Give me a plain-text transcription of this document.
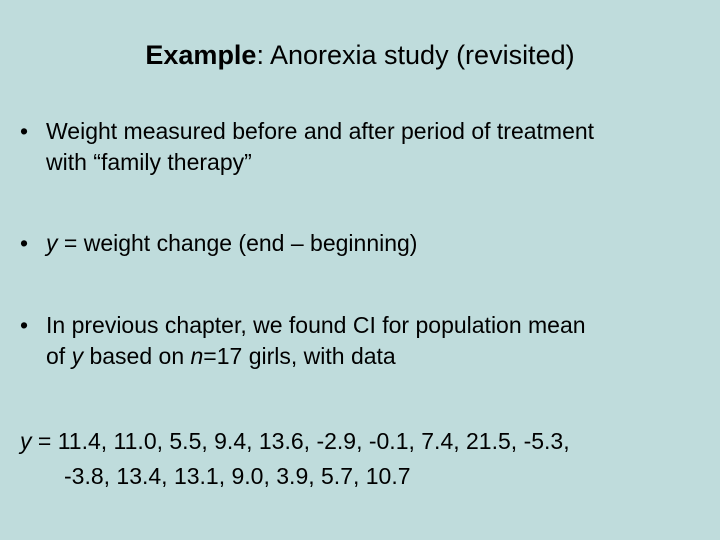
Example: Anorexia study (revisited)
• Weight measured before and after period of treatment
with “family therapy”
• y = weight change (end – beginning)
• In previous chapter, we found CI for population mean
of y based on n=17 girls, with data
y = 11.4, 11.0, 5.5, 9.4, 13.6, -2.9, -0.1, 7.4, 21.5, -5.3,
-3.8, 13.4, 13.1, 9.0, 3.9, 5.7, 10.7
